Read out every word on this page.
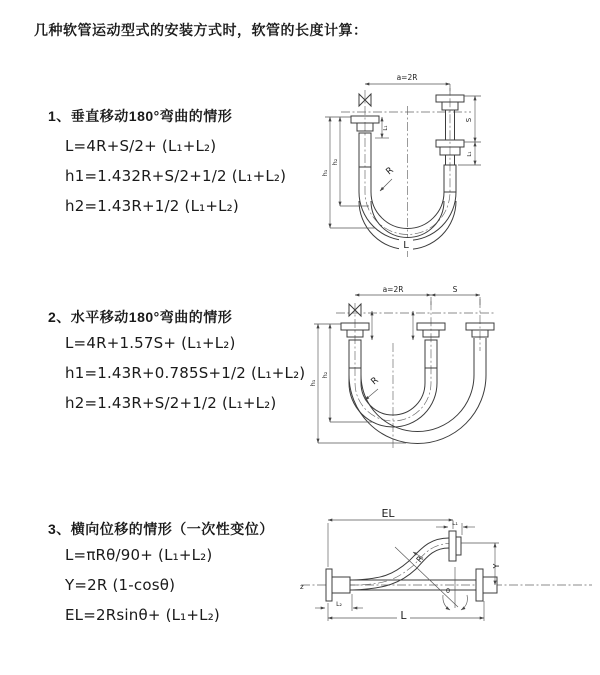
几种软管运动型式的安装方式时，软管的长度计算：
1、垂直移动180°弯曲的情形
L=4R+S/2+ (L₁+L₂)
h1=1.432R+S/2+1/2 (L₁+L₂)
h2=1.43R+1/2 (L₁+L₂)
2、水平移动180°弯曲的情形
L=4R+1.57S+ (L₁+L₂)
h1=1.43R+0.785S+1/2 (L₁+L₂)
h2=1.43R+S/2+1/2 (L₁+L₂)
3、横向位移的情形（一次性变位）
L=πRθ/90+ (L₁+L₂)
Y=2R (1-cosθ)
EL=2Rsinθ+ (L₁+L₂)
a=2R
S
L₁
h₁
h₂
L₁
R
L
a=2R	S
h₁
h₂
R
z
EL
L₁
Y
R
θ
L
L₂
